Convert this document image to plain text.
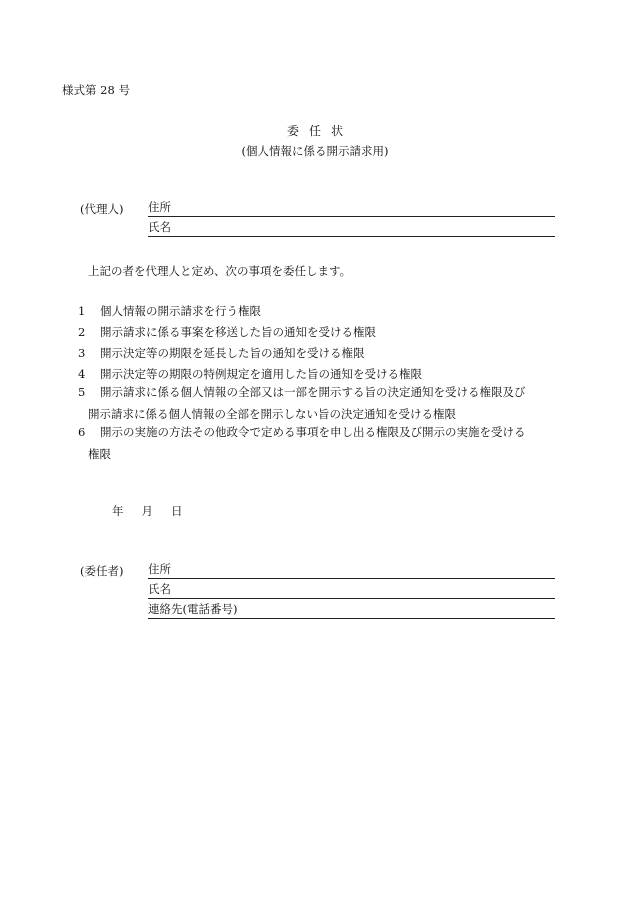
様式第 28 号
委任状
(個人情報に係る開示請求用)
(代理人) 住所
氏名
上記の者を代理人と定め、次の事項を委任します。
1 個人情報の開示請求を行う権限
2 開示請求に係る事案を移送した旨の通知を受ける権限
3 開示決定等の期限を延長した旨の通知を受ける権限
4 開示決定等の期限の特例規定を適用した旨の通知を受ける権限
5 開示請求に係る個人情報の全部又は一部を開示する旨の決定通知を受ける権限及び
開示請求に係る個人情報の全部を開示しない旨の決定通知を受ける権限
6 開示の実施の方法その他政令で定める事項を申し出る権限及び開示の実施を受ける
権限
年 月 日
(委任者) 住所
氏名
連絡先(電話番号)
